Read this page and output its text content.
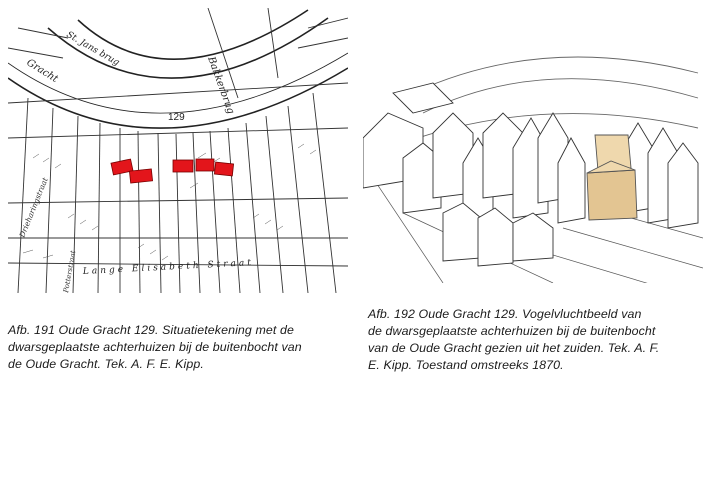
St. Jans brug
Bakkerbrug
Gracht
129
Lange Elisabeth Straat
Drieharingstraat
Potterstraat
Afb. 191 Oude Gracht 129. Situatietekening met de
dwarsgeplaatste achterhuizen bij de buitenbocht van
de Oude Gracht. Tek. A. F. E. Kipp.
Afb. 192 Oude Gracht 129. Vogelvluchtbeeld van
de dwarsgeplaatste achterhuizen bij de buitenbocht
van de Oude Gracht gezien uit het zuiden. Tek. A. F.
E. Kipp. Toestand omstreeks 1870.
